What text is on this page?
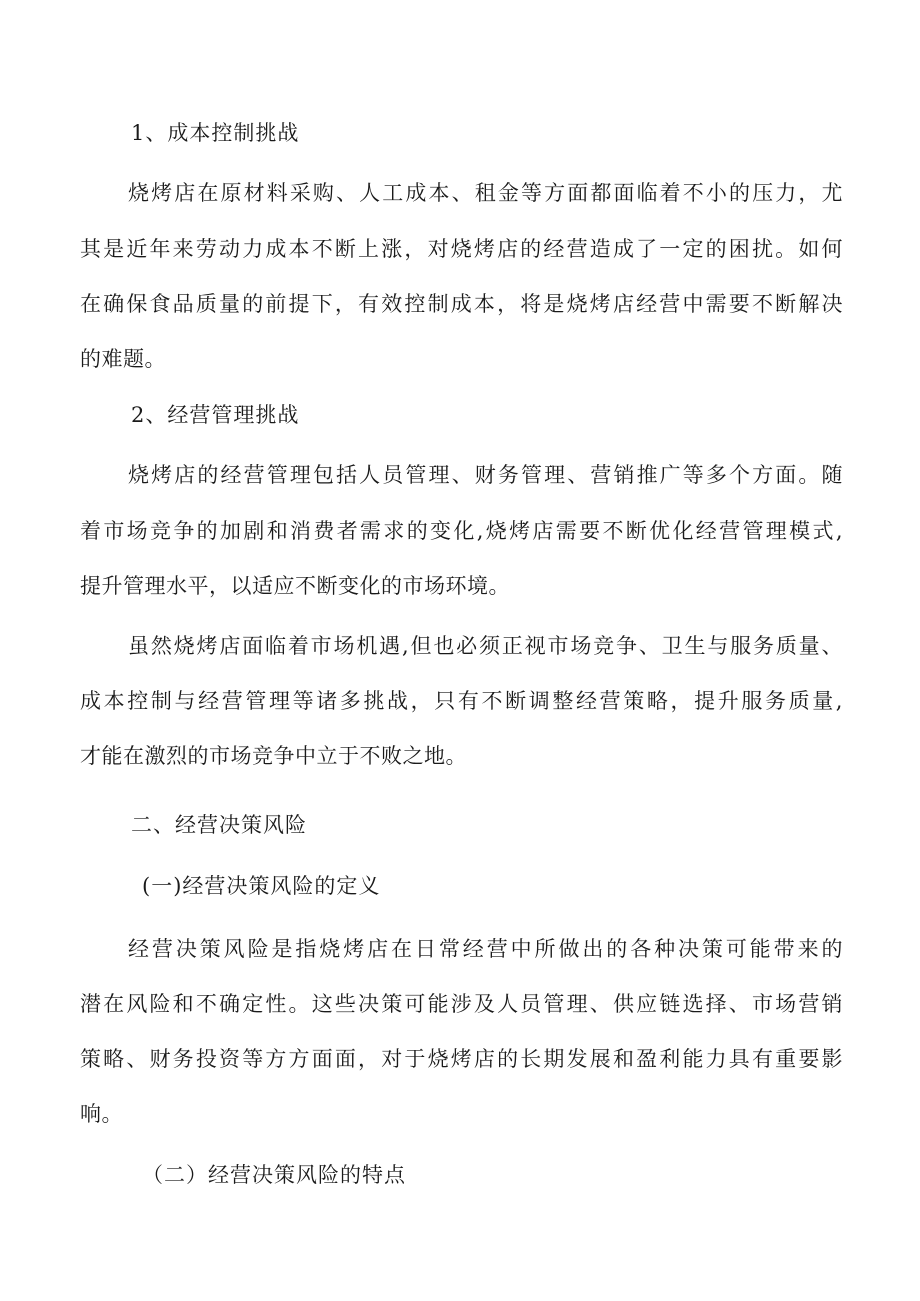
1、成本控制挑战
烧烤店在原材料采购、人工成本、租金等方面都面临着不小的压力，尤
其是近年来劳动力成本不断上涨，对烧烤店的经营造成了一定的困扰。如何
在确保食品质量的前提下，有效控制成本，将是烧烤店经营中需要不断解决
的难题。
2、经营管理挑战
烧烤店的经营管理包括人员管理、财务管理、营销推广等多个方面。随
着市场竞争的加剧和消费者需求的变化,烧烤店需要不断优化经营管理模式,
提升管理水平，以适应不断变化的市场环境。
虽然烧烤店面临着市场机遇,但也必须正视市场竞争、卫生与服务质量、
成本控制与经营管理等诸多挑战，只有不断调整经营策略，提升服务质量,
才能在激烈的市场竞争中立于不败之地。
二、经营决策风险
(一)经营决策风险的定义
经营决策风险是指烧烤店在日常经营中所做出的各种决策可能带来的
潜在风险和不确定性。这些决策可能涉及人员管理、供应链选择、市场营销
策略、财务投资等方方面面，对于烧烤店的长期发展和盈利能力具有重要影
响。
（二）经营决策风险的特点
